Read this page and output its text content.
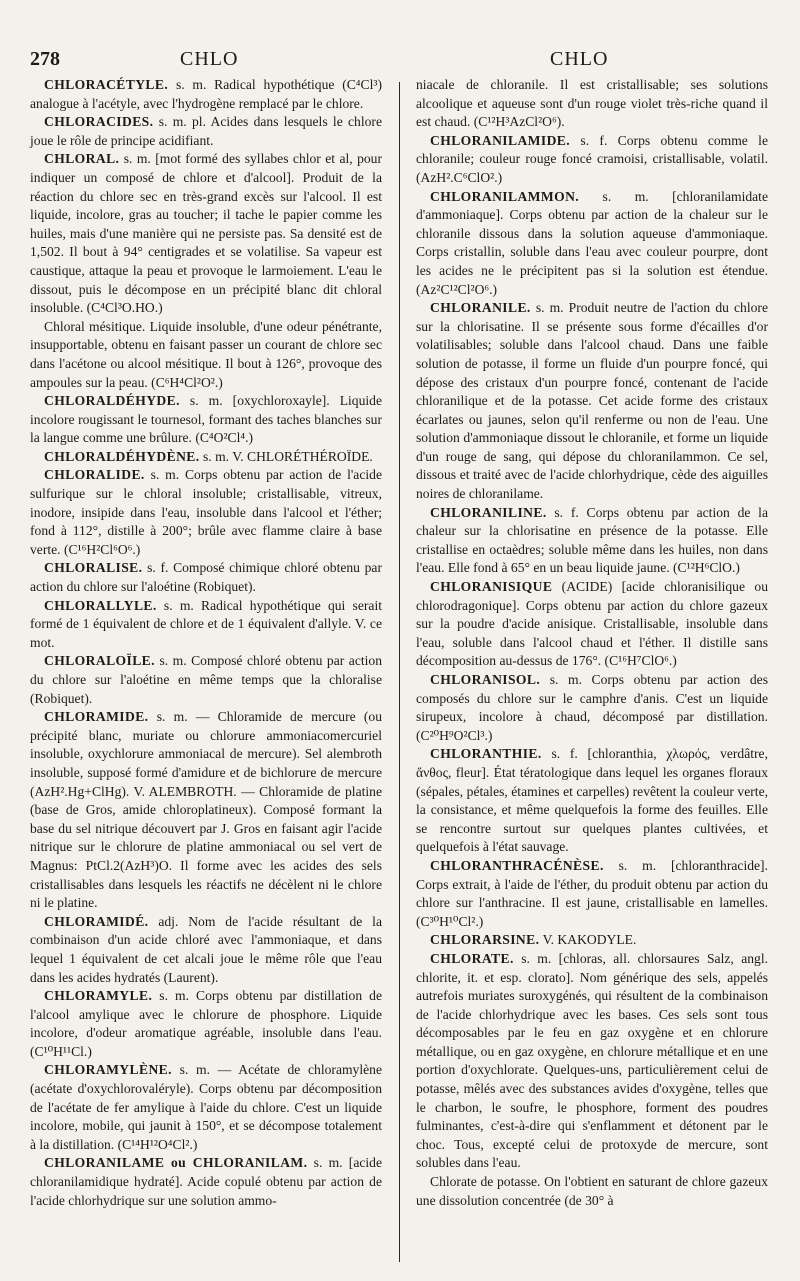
278	CHLO	CHLO

CHLORACÉTYLE. s. m. Radical hypothétique (C⁴Cl³) analogue à l'acétyle, avec l'hydrogène remplacé par le chlore.

CHLORACIDES. s. m. pl. Acides dans lesquels le chlore joue le rôle de principe acidifiant.

CHLORAL. s. m. [mot formé des syllabes chlor et al, pour indiquer un composé de chlore et d'alcool]. Produit de la réaction du chlore sec en très-grand excès sur l'alcool. Il est liquide, incolore, gras au toucher; il tache le papier comme les huiles, mais d'une manière qui ne persiste pas. Sa densité est de 1,502. Il bout à 94° centigrades et se volatilise. Sa vapeur est caustique, attaque la peau et provoque le larmoiement. L'eau le dissout, puis le décompose en un précipité blanc dit chloral insoluble. (C⁴Cl³O.HO.)

Chloral mésitique. Liquide insoluble, d'une odeur pénétrante, insupportable, obtenu en faisant passer un courant de chlore sec dans l'acétone ou alcool mésitique. Il bout à 126°, provoque des ampoules sur la peau. (C⁶H⁴Cl²O².)

CHLORALDÉHYDE. s. m. [oxychloroxayle]. Liquide incolore rougissant le tournesol, formant des taches blanches sur la langue comme une brûlure. (C⁴O²Cl⁴.)

CHLORALDÉHYDÈNE. s. m. V. CHLORÉTHÉROÏDE.

CHLORALIDE. s. m. Corps obtenu par action de l'acide sulfurique sur le chloral insoluble; cristallisable, vitreux, inodore, insipide dans l'eau, insoluble dans l'alcool et l'éther; fond à 112°, distille à 200°; brûle avec flamme claire à base verte. (C¹⁶H²Cl⁶O⁶.)

CHLORALISE. s. f. Composé chimique chloré obtenu par action du chlore sur l'aloétine (Robiquet).

CHLORALLYLE. s. m. Radical hypothétique qui serait formé de 1 équivalent de chlore et de 1 équivalent d'allyle. V. ce mot.

CHLORALOÏLE. s. m. Composé chloré obtenu par action du chlore sur l'aloétine en même temps que la chloralise (Robiquet).

CHLORAMIDE. s. m. — Chloramide de mercure (ou précipité blanc, muriate ou chlorure ammoniacomercuriel insoluble, oxychlorure ammoniacal de mercure). Sel alembroth insoluble, supposé formé d'amidure et de bichlorure de mercure (AzH².Hg+ClHg). V. ALEMBROTH. — Chloramide de platine (base de Gros, amide chloroplatineux). Composé formant la base du sel nitrique découvert par J. Gros en faisant agir l'acide nitrique sur le chlorure de platine ammoniacal ou sel vert de Magnus: PtCl.2(AzH³)O. Il forme avec les acides des sels cristallisables dans lesquels les réactifs ne décèlent ni le chlore ni le platine.

CHLORAMIDÉ. adj. Nom de l'acide résultant de la combinaison d'un acide chloré avec l'ammoniaque, et dans lequel 1 équivalent de cet alcali joue le même rôle que l'eau dans les acides hydratés (Laurent).

CHLORAMYLE. s. m. Corps obtenu par distillation de l'alcool amylique avec le chlorure de phosphore. Liquide incolore, d'odeur aromatique agréable, insoluble dans l'eau. (C¹⁰H¹¹Cl.)

CHLORAMYLÈNE. s. m. — Acétate de chloramylène (acétate d'oxychlorovaléryle). Corps obtenu par décomposition de l'acétate de fer amylique à l'aide du chlore. C'est un liquide incolore, mobile, qui jaunit à 150°, et se décompose totalement à la distillation. (C¹⁴H¹²O⁴Cl².)

CHLORANILAME ou CHLORANILAM. s. m. [acide chloranilamidique hydraté]. Acide copulé obtenu par action de l'acide chlorhydrique sur une solution ammo-

niacale de chloranile. Il est cristallisable; ses solutions alcoolique et aqueuse sont d'un rouge violet très-riche quand il est chaud. (C¹²H³AzCl²O⁶).

CHLORANILAMIDE. s. f. Corps obtenu comme le chloranile; couleur rouge foncé cramoisi, cristallisable, volatil. (AzH².C⁶ClO².)

CHLORANILAMMON. s. m. [chloranilamidate d'ammoniaque]. Corps obtenu par action de la chaleur sur le chloranile dissous dans la solution aqueuse d'ammoniaque. Corps cristallin, soluble dans l'eau avec couleur pourpre, dont les acides ne le précipitent pas si la solution est étendue. (Az²C¹²Cl²O⁶.)

CHLORANILE. s. m. Produit neutre de l'action du chlore sur la chlorisatine. Il se présente sous forme d'écailles d'or volatilisables; soluble dans l'alcool chaud. Dans une faible solution de potasse, il forme un fluide d'un pourpre foncé, qui dépose des cristaux d'un pourpre foncé, contenant de l'acide chloranilique et de la potasse. Cet acide forme des cristaux écarlates ou jaunes, selon qu'il renferme ou non de l'eau. Une solution d'ammoniaque dissout le chloranile, et forme un liquide d'un rouge de sang, qui dépose du chloranilammon. Ce sel, dissous et traité avec de l'acide chlorhydrique, cède des aiguilles noires de chloranilame.

CHLORANILINE. s. f. Corps obtenu par action de la chaleur sur la chlorisatine en présence de la potasse. Elle cristallise en octaèdres; soluble même dans les huiles, non dans l'eau. Elle fond à 65° en un beau liquide jaune. (C¹²H⁶ClO.)

CHLORANISIQUE (ACIDE) [acide chloranisilique ou chlorodragonique]. Corps obtenu par action du chlore gazeux sur la poudre d'acide anisique. Cristallisable, insoluble dans l'eau, soluble dans l'alcool chaud et l'éther. Il distille sans décomposition au-dessus de 176°. (C¹⁶H⁷ClO⁶.)

CHLORANISOL. s. m. Corps obtenu par action des composés du chlore sur le camphre d'anis. C'est un liquide sirupeux, incolore à chaud, décomposé par distillation. (C²⁰H⁹O²Cl³.)

CHLORANTHIE. s. f. [chloranthia, χλωρός, verdâtre, ἄνθος, fleur]. État tératologique dans lequel les organes floraux (sépales, pétales, étamines et carpelles) revêtent la couleur verte, la consistance, et même quelquefois la forme des feuilles. Elle se rencontre surtout sur quelques plantes cultivées, et quelquefois à l'état sauvage.

CHLORANTHRACÉNÈSE. s. m. [chloranthracide]. Corps extrait, à l'aide de l'éther, du produit obtenu par action du chlore sur l'anthracine. Il est jaune, cristallisable en lamelles. (C³⁰H¹⁰Cl².)

CHLORARSINE. V. KAKODYLE.

CHLORATE. s. m. [chloras, all. chlorsaures Salz, angl. chlorite, it. et esp. clorato]. Nom générique des sels, appelés autrefois muriates suroxygénés, qui résultent de la combinaison de l'acide chlorhydrique avec les bases. Ces sels sont tous décomposables par le feu en gaz oxygène et en chlorure métallique, ou en gaz oxygène, en chlorure métallique et en une portion d'oxychlorate. Quelques-uns, particulièrement celui de potasse, mêlés avec des substances avides d'oxygène, telles que le charbon, le soufre, le phosphore, forment des poudres fulminantes, c'est-à-dire qui s'enflamment et détonent par le choc. Tous, excepté celui de protoxyde de mercure, sont solubles dans l'eau.

Chlorate de potasse. On l'obtient en saturant de chlore gazeux une dissolution concentrée (de 30° à
